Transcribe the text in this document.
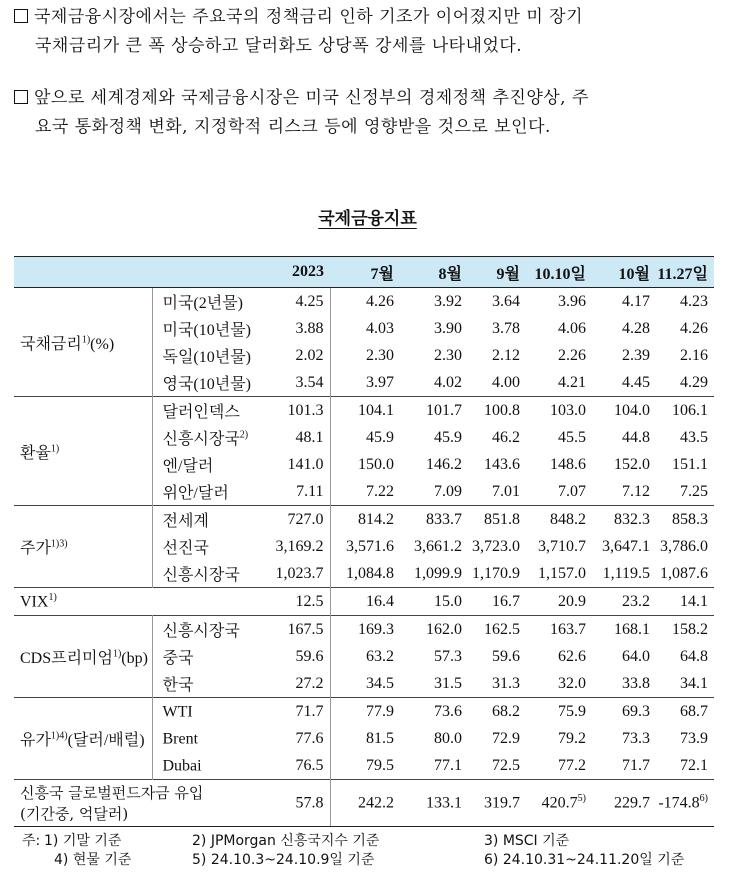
국제금융시장에서는 주요국의 정책금리 인하 기조가 이어졌지만 미 장기
국채금리가 큰 폭 상승하고 달러화도 상당폭 강세를 나타내었다.
앞으로 세계경제와 국제금융시장은 미국 신정부의 경제정책 추진양상, 주
요국 통화정책 변화, 지정학적 리스크 등에 영향받을 것으로 보인다.
국제금융지표
		2023	7월	8월	9월	10.10일	10월	11.27일
국채금리$^{1)}$(%)	미국(2년물)	4.25	4.26	3.92	3.64	3.96	4.17	4.23
	미국(10년물)	3.88	4.03	3.90	3.78	4.06	4.28	4.26
	독일(10년물)	2.02	2.30	2.30	2.12	2.26	2.39	2.16
	영국(10년물)	3.54	3.97	4.02	4.00	4.21	4.45	4.29
환율$^{1)}$	달러인덱스	101.3	104.1	101.7	100.8	103.0	104.0	106.1
	신흥시장국$^{2)}$	48.1	45.9	45.9	46.2	45.5	44.8	43.5
	엔/달러	141.0	150.0	146.2	143.6	148.6	152.0	151.1
	위안/달러	7.11	7.22	7.09	7.01	7.07	7.12	7.25
주가$^{1)3)}$	전세계	727.0	814.2	833.7	851.8	848.2	832.3	858.3
	선진국	3,169.2	3,571.6	3,661.2	3,723.0	3,710.7	3,647.1	3,786.0
	신흥시장국	1,023.7	1,084.8	1,099.9	1,170.9	1,157.0	1,119.5	1,087.6
VIX$^{1)}$		12.5	16.4	15.0	16.7	20.9	23.2	14.1
CDS프리미엄$^{1)}$(bp)	신흥시장국	167.5	169.3	162.0	162.5	163.7	168.1	158.2
	중국	59.6	63.2	57.3	59.6	62.6	64.0	64.8
	한국	27.2	34.5	31.5	31.3	32.0	33.8	34.1
유가$^{1)4)}$(달러/배럴)	WTI	71.7	77.9	73.6	68.2	75.9	69.3	68.7
	Brent	77.6	81.5	80.0	72.9	79.2	73.3	73.9
	Dubai	76.5	79.5	77.1	72.5	77.2	71.7	72.1

신흥국 글로벌펀드자금 유입
(기간중, 억달러)		57.8	242.2	133.1	319.7	420.7$^{5)}$	229.7	-174.8$^{6)}$
주: 1) 기말 기준	2) JPMorgan 신흥국지수 기준	3) MSCI 기준
4) 현물 기준	5) 24.10.3~24.10.9일 기준	6) 24.10.31~24.11.20일 기준
